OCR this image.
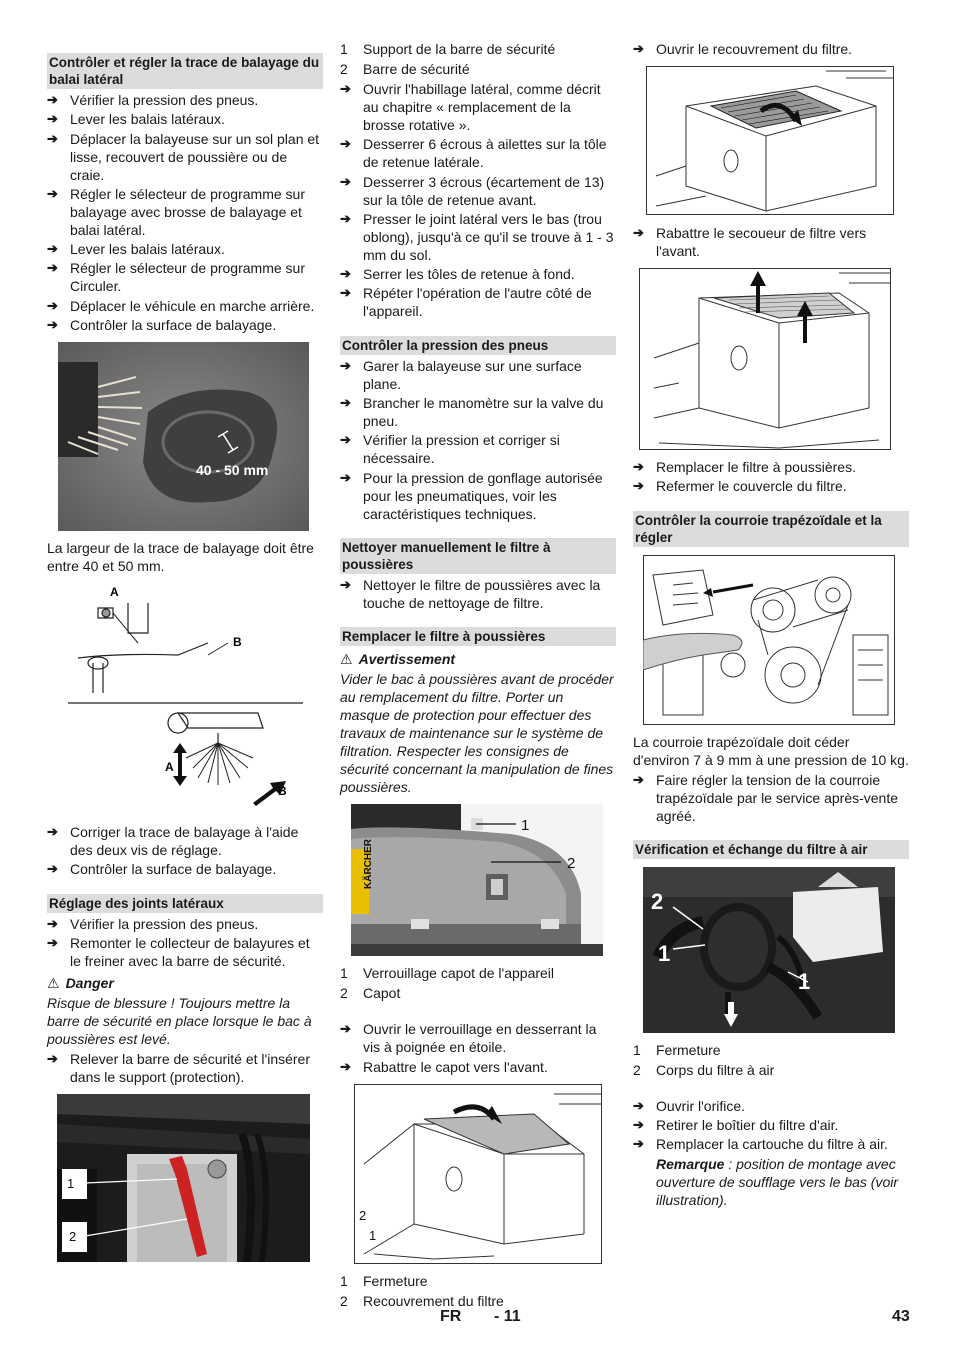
Contrôler et régler la trace de balayage du balai latéral
➔ Vérifier la pression des pneus.
➔ Lever les balais latéraux.
➔ Déplacer la balayeuse sur un sol plan et lisse, recouvert de poussière ou de craie.
➔ Régler le sélecteur de programme sur balayage avec brosse de balayage et balai latéral.
➔ Lever les balais latéraux.
➔ Régler le sélecteur de programme sur Circuler.
➔ Déplacer le véhicule en marche arrière.
➔ Contrôler la surface de balayage.
40 - 50 mm
La largeur de la trace de balayage doit être entre 40 et 50 mm.
A
B
A
B
➔ Corriger la trace de balayage à l'aide des deux vis de réglage.
➔ Contrôler la surface de balayage.
Réglage des joints latéraux
➔ Vérifier la pression des pneus.
➔ Remonter le collecteur de balayures et le freiner avec la barre de sécurité.
⚠ Danger
Risque de blessure ! Toujours mettre la barre de sécurité en place lorsque le bac à poussières est levé.
➔ Relever la barre de sécurité et l'insérer dans le support (protection).
1
2
1 Support de la barre de sécurité
2 Barre de sécurité
➔ Ouvrir l'habillage latéral, comme décrit au chapitre « remplacement de la brosse rotative ».
➔ Desserrer 6 écrous à ailettes sur la tôle de retenue latérale.
➔ Desserrer 3 écrous (écartement de 13) sur la tôle de retenue avant.
➔ Presser le joint latéral vers le bas (trou oblong), jusqu'à ce qu'il se trouve à 1 - 3 mm du sol.
➔ Serrer les tôles de retenue à fond.
➔ Répéter l'opération de l'autre côté de l'appareil.
Contrôler la pression des pneus
➔ Garer la balayeuse sur une surface plane.
➔ Brancher le manomètre sur la valve du pneu.
➔ Vérifier la pression et corriger si nécessaire.
➔ Pour la pression de gonflage autorisée pour les pneumatiques, voir les caractéristiques techniques.
Nettoyer manuellement le filtre à poussières
➔ Nettoyer le filtre de poussières avec la touche de nettoyage de filtre.
Remplacer le filtre à poussières
⚠ Avertissement
Vider le bac à poussières avant de procéder au remplacement du filtre. Porter un masque de protection pour effectuer des travaux de maintenance sur le système de filtration. Respecter les consignes de sécurité concernant la manipulation de fines poussières.
KÄRCHER
1
2
1 Verrouillage capot de l'appareil
2 Capot
➔ Ouvrir le verrouillage en desserrant la vis à poignée en étoile.
➔ Rabattre le capot vers l'avant.
2
1
1 Fermeture
2 Recouvrement du filtre
➔ Ouvrir le recouvrement du filtre.
➔ Rabattre le secoueur de filtre vers l'avant.
➔ Remplacer le filtre à poussières.
➔ Refermer le couvercle du filtre.
Contrôler la courroie trapézoïdale et la régler
La courroie trapézoïdale doit céder d'environ 7 à 9 mm à une pression de 10 kg.
➔ Faire régler la tension de la courroie trapézoïdale par le service après-vente agréé.
Vérification et échange du filtre à air
2
1
1
1 Fermeture
2 Corps du filtre à air
➔ Ouvrir l'orifice.
➔ Retirer le boîtier du filtre d'air.
➔ Remplacer la cartouche du filtre à air.
Remarque : position de montage avec ouverture de soufflage vers le bas (voir illustration).
FR - 11	43
